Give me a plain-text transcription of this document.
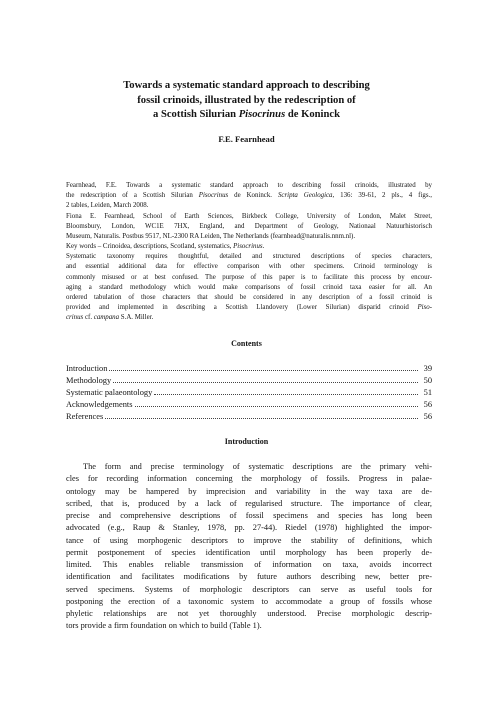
Towards a systematic standard approach to describing
fossil crinoids, illustrated by the redescription of
a Scottish Silurian Pisocrinus de Koninck
F.E. Fearnhead
Fearnhead, F.E. Towards a systematic standard approach to describing fossil crinoids, illustrated by
the redescription of a Scottish Silurian Pisocrinus de Koninck. Scripta Geologica, 136: 39-61, 2 pls., 4 figs.,
2 tables, Leiden, March 2008.
Fiona E. Fearnhead, School of Earth Sciences, Birkbeck College, University of London, Malet Street,
Bloomsbury, London, WC1E 7HX, England, and Department of Geology, Nationaal Natuurhistorisch
Museum, Naturalis. Postbus 9517, NL-2300 RA Leiden, The Netherlands (fearnhead@naturalis.nnm.nl).
Key words – Crinoidea, descriptions, Scotland, systematics, Pisocrinus.
Systematic taxonomy requires thoughtful, detailed and structured descriptions of species characters,
and essential additional data for effective comparison with other specimens. Crinoid terminology is
commonly misused or at best confused. The purpose of this paper is to facilitate this process by encour-
aging a standard methodology which would make comparisons of fossil crinoid taxa easier for all. An
ordered tabulation of those characters that should be considered in any description of a fossil crinoid is
provided and implemented in describing a Scottish Llandovery (Lower Silurian) disparid crinoid Piso-
crinus cf. campana S.A. Miller.
Contents
Introduction	39
Methodology	50
Systematic palaeontology	51
Acknowledgements	56
References	56
Introduction
The form and precise terminology of systematic descriptions are the primary vehi-
cles for recording information concerning the morphology of fossils. Progress in palae-
ontology may be hampered by imprecision and variability in the way taxa are de-
scribed, that is, produced by a lack of regularised structure. The importance of clear,
precise and comprehensive descriptions of fossil specimens and species has long been
advocated (e.g., Raup & Stanley, 1978, pp. 27-44). Riedel (1978) highlighted the impor-
tance of using morphogenic descriptors to improve the stability of definitions, which
permit postponement of species identification until morphology has been properly de-
limited. This enables reliable transmission of information on taxa, avoids incorrect
identification and facilitates modifications by future authors describing new, better pre-
served specimens. Systems of morphologic descriptors can serve as useful tools for
postponing the erection of a taxonomic system to accommodate a group of fossils whose
phyletic relationships are not yet thoroughly understood. Precise morphologic descrip-
tors provide a firm foundation on which to build (Table 1).
